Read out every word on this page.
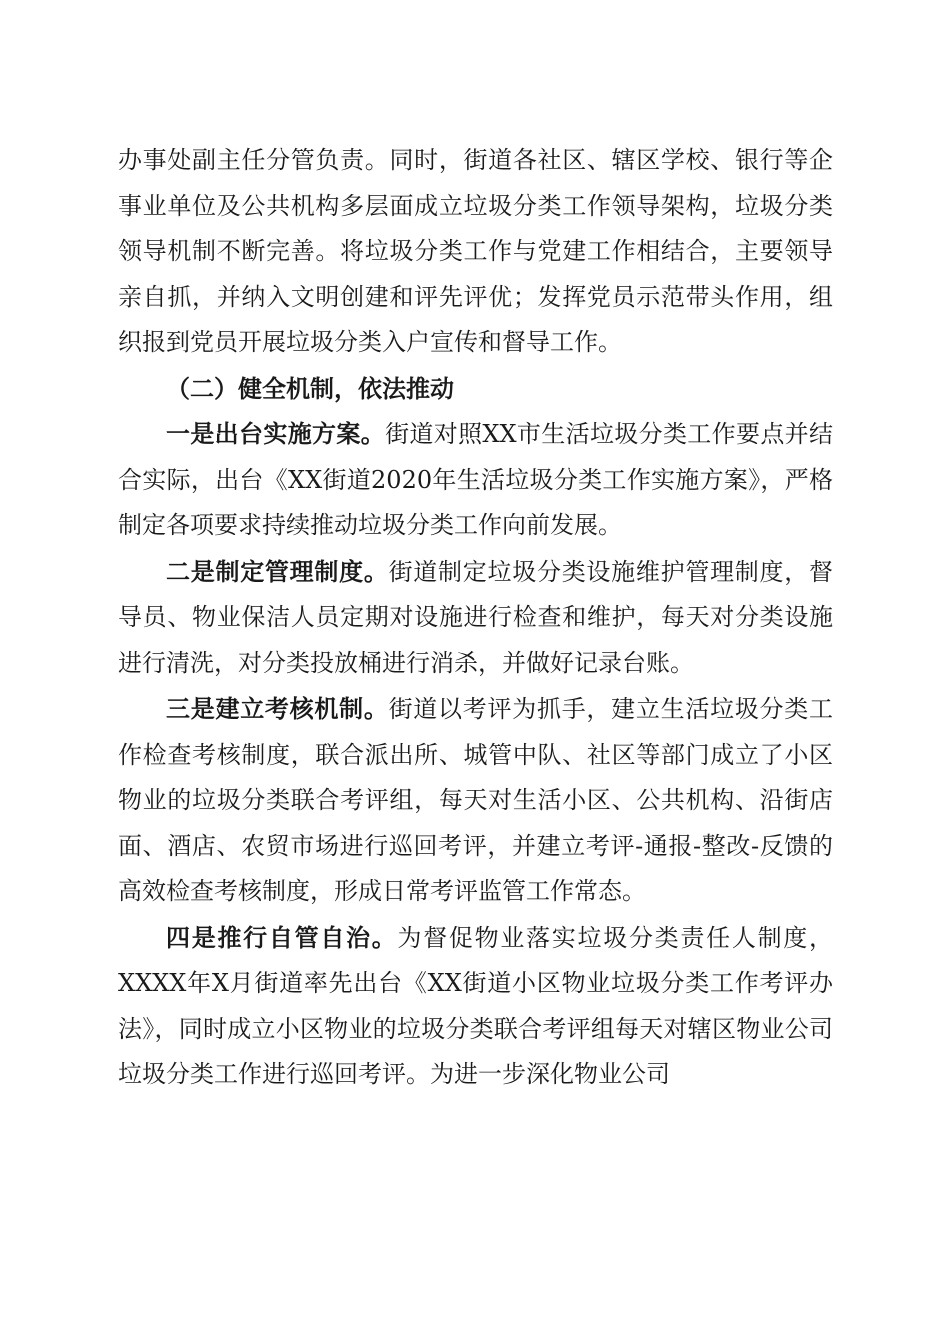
办事处副主任分管负责。同时，街道各社区、辖区学校、银行等企事业单位及公共机构多层面成立垃圾分类工作领导架构，垃圾分类领导机制不断完善。将垃圾分类工作与党建工作相结合，主要领导亲自抓，并纳入文明创建和评先评优；发挥党员示范带头作用，组织报到党员开展垃圾分类入户宣传和督导工作。

（二）健全机制，依法推动

一是出台实施方案。街道对照XX市生活垃圾分类工作要点并结合实际，出台《XX街道2020年生活垃圾分类工作实施方案》，严格制定各项要求持续推动垃圾分类工作向前发展。

二是制定管理制度。街道制定垃圾分类设施维护管理制度，督导员、物业保洁人员定期对设施进行检查和维护，每天对分类设施进行清洗，对分类投放桶进行消杀，并做好记录台账。

三是建立考核机制。街道以考评为抓手，建立生活垃圾分类工作检查考核制度，联合派出所、城管中队、社区等部门成立了小区物业的垃圾分类联合考评组，每天对生活小区、公共机构、沿街店面、酒店、农贸市场进行巡回考评，并建立考评-通报-整改-反馈的高效检查考核制度，形成日常考评监管工作常态。

四是推行自管自治。为督促物业落实垃圾分类责任人制度，XXXX年X月街道率先出台《XX街道小区物业垃圾分类工作考评办法》，同时成立小区物业的垃圾分类联合考评组每天对辖区物业公司垃圾分类工作进行巡回考评。为进一步深化物业公司
